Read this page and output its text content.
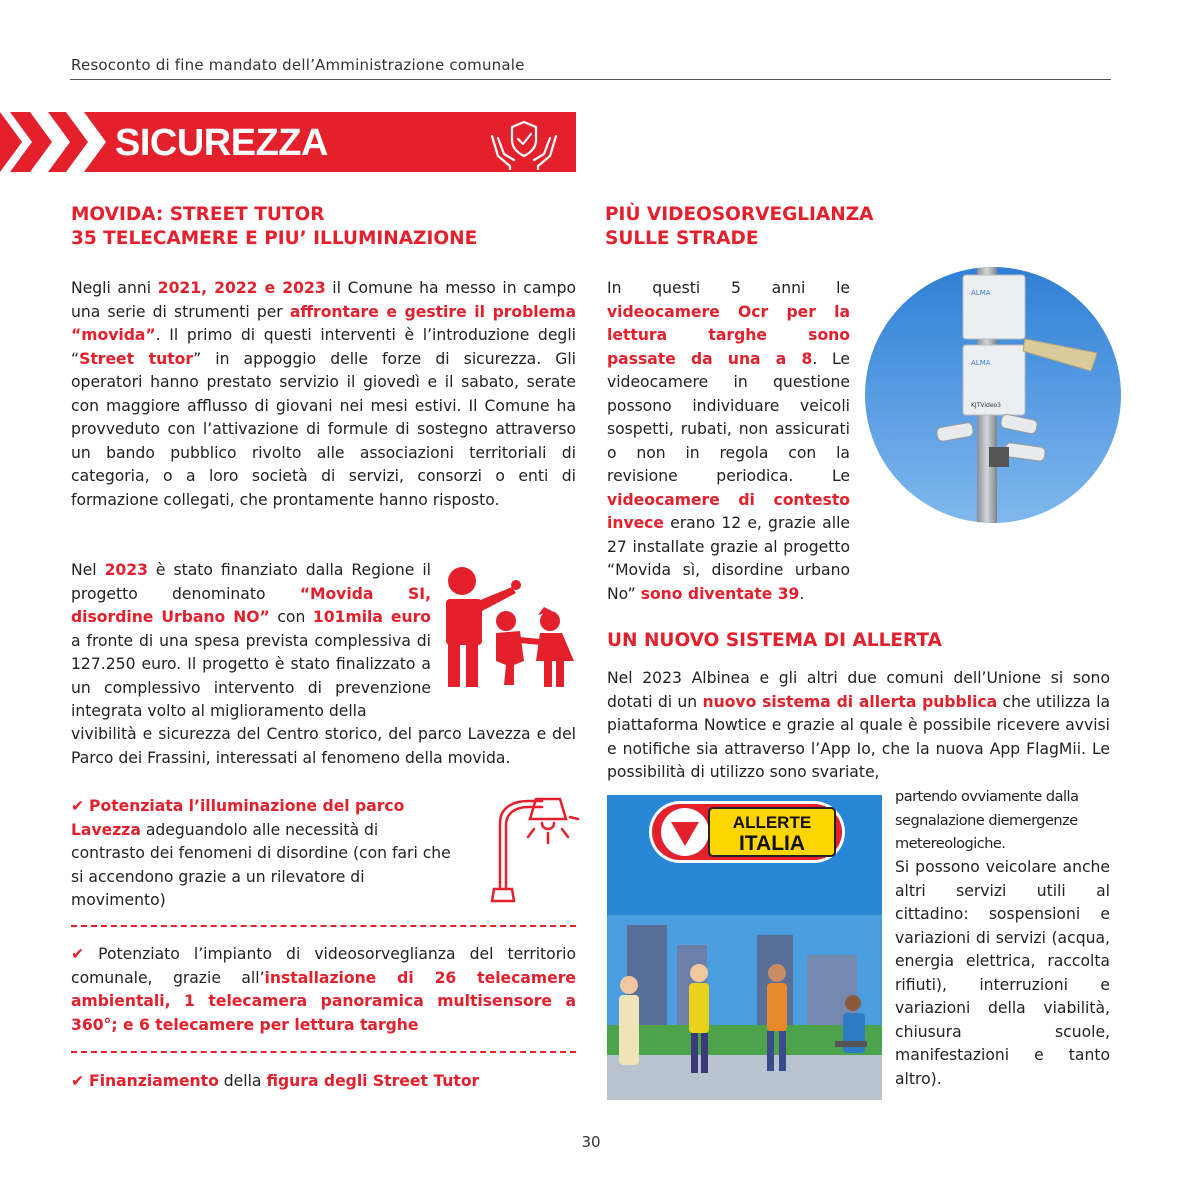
Resoconto di fine mandato dell’Amministrazione comunale
SICUREZZA
MOVIDA: STREET TUTOR
35 TELECAMERE E PIU’ ILLUMINAZIONE
Negli anni 2021, 2022 e 2023 il Comune ha messo in campo una serie di strumenti per affrontare e gestire il problema “movida”. Il primo di questi interventi è l’introduzione degli “Street tutor” in appoggio delle forze di sicurezza. Gli operatori hanno prestato servizio il giovedì e il sabato, serate con maggiore afflusso di giovani nei mesi estivi. Il Comune ha provveduto con l’attivazione di formule di sostegno attraverso un bando pubblico rivolto alle associazioni territoriali di categoria, o a loro società di servizi, consorzi o enti di formazione collegati, che prontamente hanno risposto.
Nel 2023 è stato finanziato dalla Regione il progetto denominato “Movida SI, disordine Urbano NO” con 101mila euro a fronte di una spesa prevista complessiva di 127.250 euro. Il progetto è stato finalizzato a un complessivo intervento di prevenzione integrata volto al miglioramento della
vivibilità e sicurezza del Centro storico, del parco Lavezza e del Parco dei Frassini, interessati al fenomeno della movida.
✔ Potenziata l’illuminazione del parco Lavezza adeguandolo alle necessità di contrasto dei fenomeni di disordine (con fari che si accendono grazie a un rilevatore di movimento)
✔ Potenziato l’impianto di videosorveglianza del territorio comunale, grazie all’installazione di 26 telecamere ambientali, 1 telecamera panoramica multisensore a 360°; e 6 telecamere per lettura targhe
✔ Finanziamento della figura degli Street Tutor
PIÙ VIDEOSORVEGLIANZA
SULLE STRADE
In questi 5 anni le videocamere Ocr per la lettura targhe sono passate da una a 8. Le videocamere in questione possono individuare veicoli sospetti, rubati, non assicurati o non in regola con la revisione periodica. Le videocamere di contesto invece erano 12 e, grazie alle 27 installate grazie al progetto “Movida sì, disordine urbano No” sono diventate 39.
ALMA
ALMA
KJTVideo3
UN NUOVO SISTEMA DI ALLERTA
Nel 2023 Albinea e gli altri due comuni dell’Unione si sono dotati di un nuovo sistema di allerta pubblica che utilizza la piattaforma Nowtice e grazie al quale è possibile ricevere avvisi e notifiche sia attraverso l’App Io, che la nuova App FlagMii. Le possibilità di utilizzo sono svariate,
partendo ovviamente dalla segnalazione diemergenze metereologiche.
Si possono veicolare anche altri servizi utili al cittadino: sospensioni e variazioni di servizi (acqua, energia elettrica, raccolta rifiuti), interruzioni e variazioni della viabilità, chiusura scuole, manifestazioni e tanto altro).
ALLERTE
ITALIA
30
